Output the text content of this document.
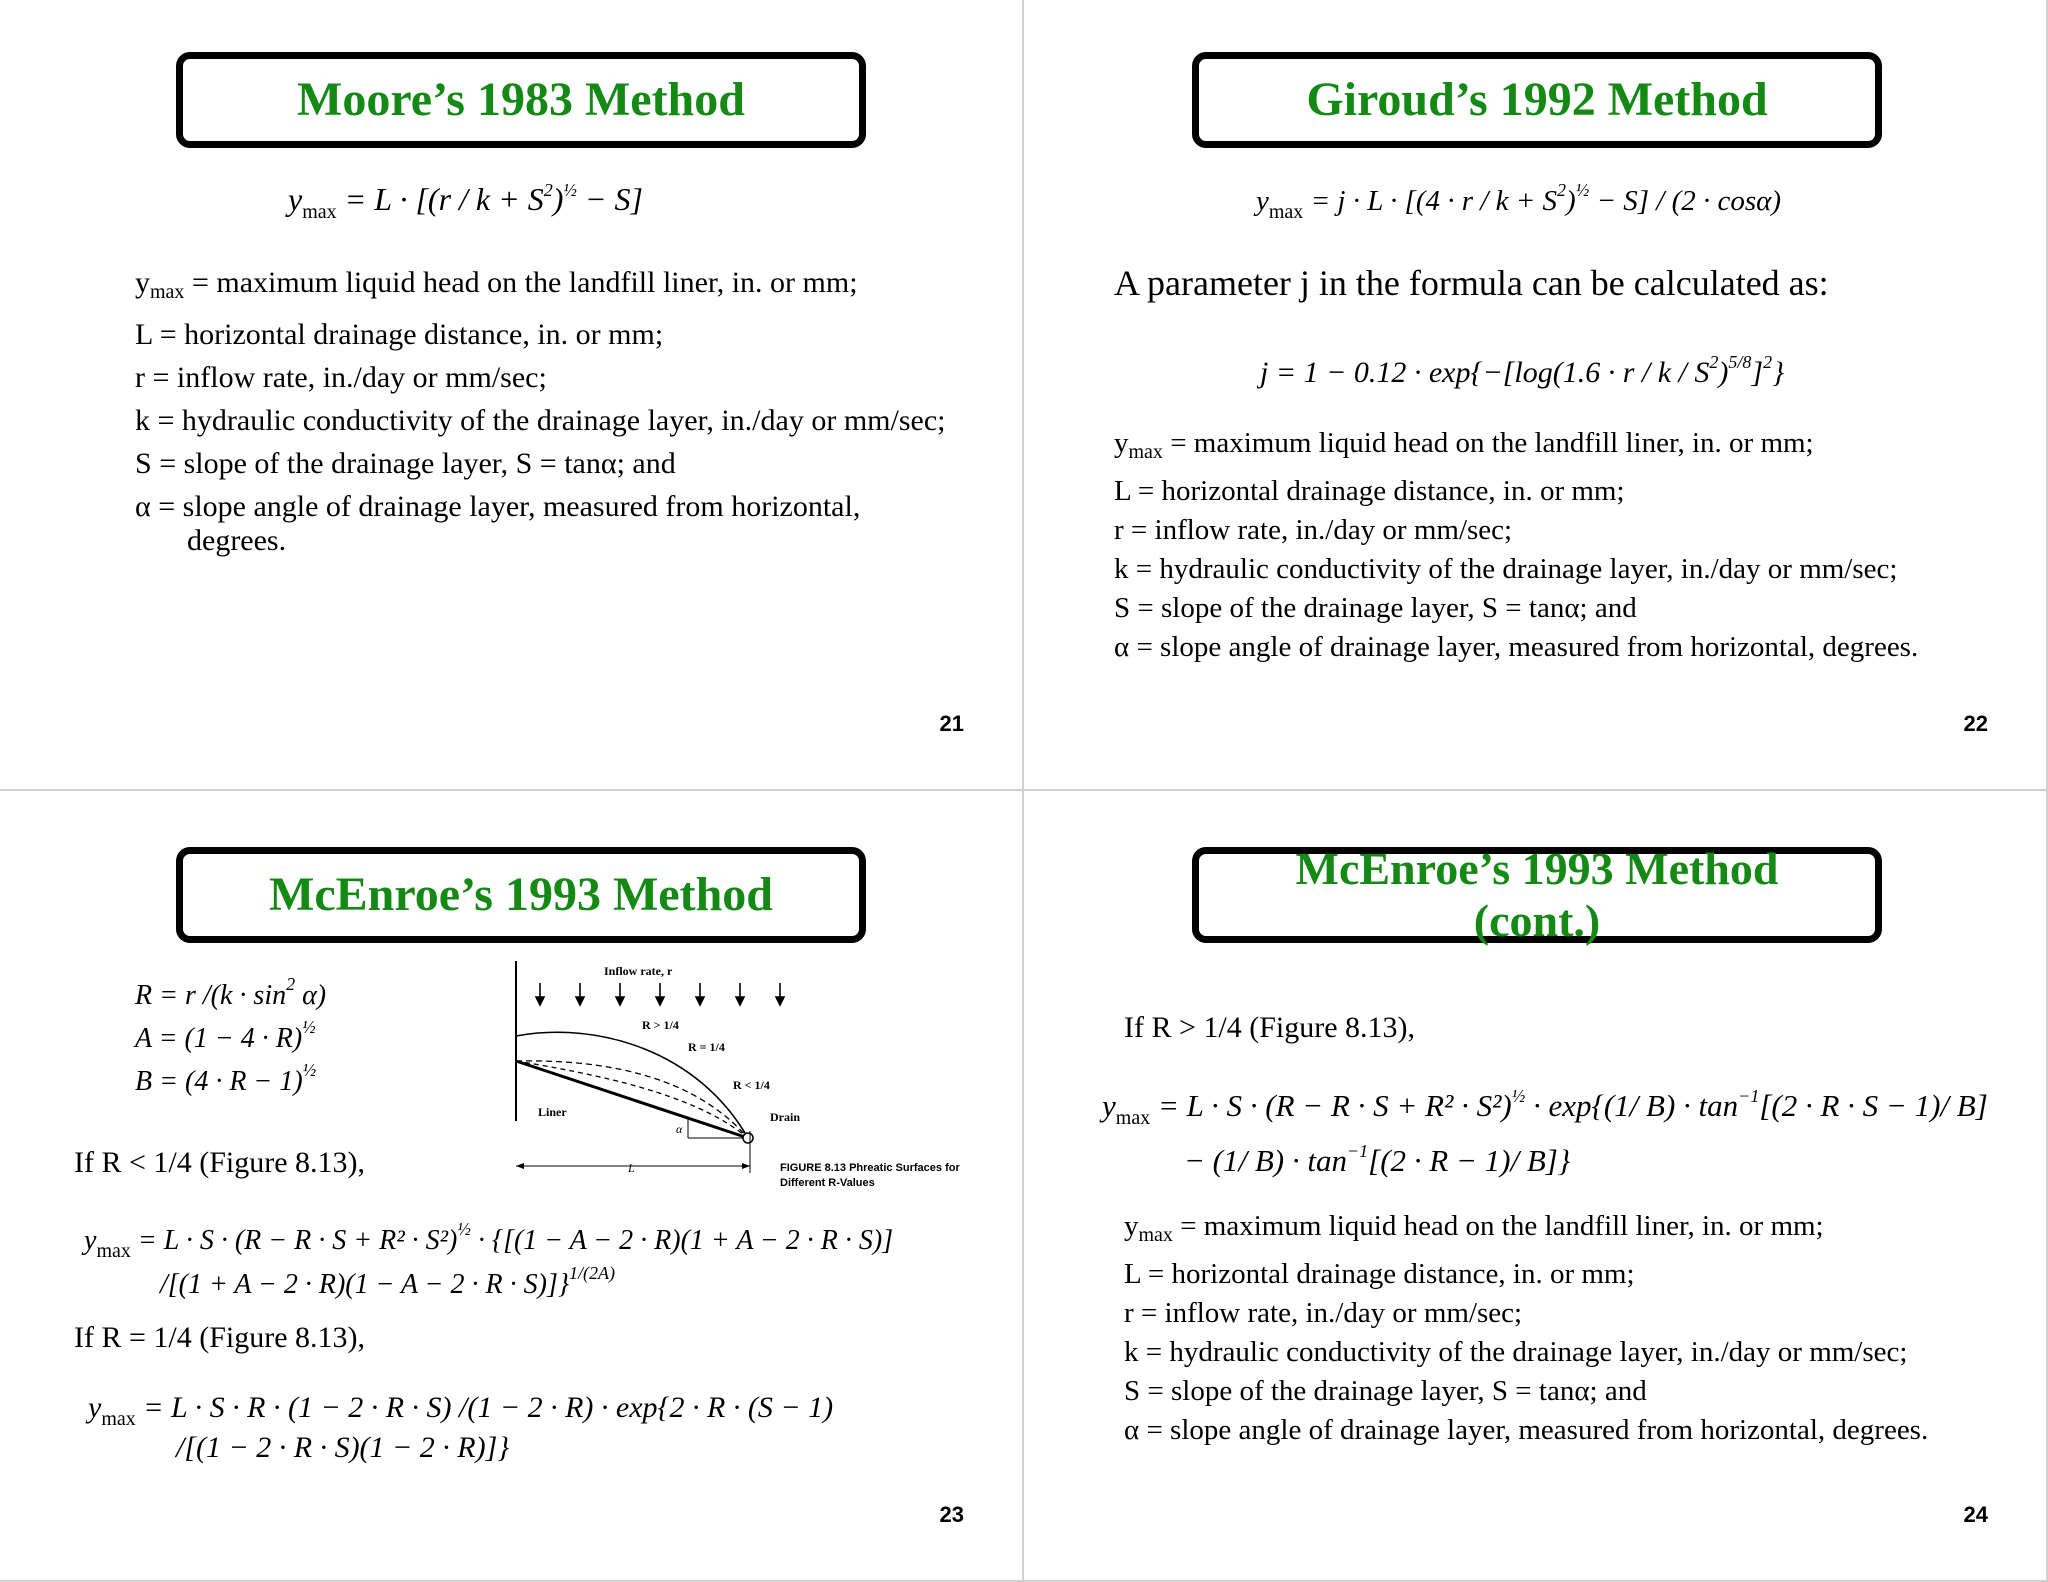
Moore’s 1983 Method
$y_{max} = L \cdot [(r / k + S^2)^{\frac{1}{2}} - S]$
$y_{max}$ = maximum liquid head on the landfill liner, in. or mm;
L = horizontal drainage distance, in. or mm;
r = inflow rate, in./day or mm/sec;
k = hydraulic conductivity of the drainage layer, in./day or mm/sec;
S = slope of the drainage layer, S = tanα; and
α = slope angle of drainage layer, measured from horizontal, degrees.
21
Giroud’s 1992 Method
$y_{max} = j \cdot L \cdot [(4 \cdot r / k + S^2)^{\frac{1}{2}} - S] / (2 \cdot \cos\alpha)$
A parameter j in the formula can be calculated as:
$j = 1 - 0.12 \cdot \exp\{-[\log(1.6 \cdot r / k / S^2)^{5/8}]^2\}$
$y_{max}$ = maximum liquid head on the landfill liner, in. or mm;
L = horizontal drainage distance, in. or mm;
r = inflow rate, in./day or mm/sec;
k = hydraulic conductivity of the drainage layer, in./day or mm/sec;
S = slope of the drainage layer, S = tanα; and
α = slope angle of drainage layer, measured from horizontal, degrees.
22
McEnroe’s 1993 Method
R = r $/(k \cdot \sin^2 \alpha)$
$A = (1 - 4 \cdot R)^{\frac{1}{2}}$
$B = (4 \cdot R - 1)^{\frac{1}{2}}$
Inflow rate, r
R > 1/4
R = 1/4
R < 1/4
Liner	Drain
α
L	FIGURE 8.13 Phreatic Surfaces for
Different R-Values
If R < 1/4 (Figure 8.13),
$y_{max} = L \cdot S \cdot (R - R \cdot S + R^2 \cdot S^2)^{\frac{1}{2}} \cdot \{[(1 - A - 2 \cdot R)(1 + A - 2 \cdot R \cdot S)]$
/[(1 + A − 2 · R)(1 − A − 2 · R · S)]}$^{1/(2A)}$
If R = 1/4 (Figure 8.13),
$y_{max} = L \cdot S \cdot R \cdot (1 - 2 \cdot R \cdot S) /(1 - 2 \cdot R) \cdot \exp\{2 \cdot R \cdot (S - 1)$
/[(1 − 2 · R · S)(1 − 2 · R)]}
23
McEnroe’s 1993 Method
(cont.)
If R > 1/4 (Figure 8.13),
$y_{max} = L \cdot S \cdot (R - R \cdot S + R^2 \cdot S^2)^{\frac{1}{2}} \cdot \exp\{(1/$ $B) \cdot \tan^{-1}[(2 \cdot R \cdot S - 1)/$ B]
− (1/ $B) \cdot \tan^{-1}[(2 \cdot R - 1)/$ B]}
$y_{max}$ = maximum liquid head on the landfill liner, in. or mm;
L = horizontal drainage distance, in. or mm;
r = inflow rate, in./day or mm/sec;
k = hydraulic conductivity of the drainage layer, in./day or mm/sec;
S = slope of the drainage layer, S = tanα; and
α = slope angle of drainage layer, measured from horizontal, degrees.
24
